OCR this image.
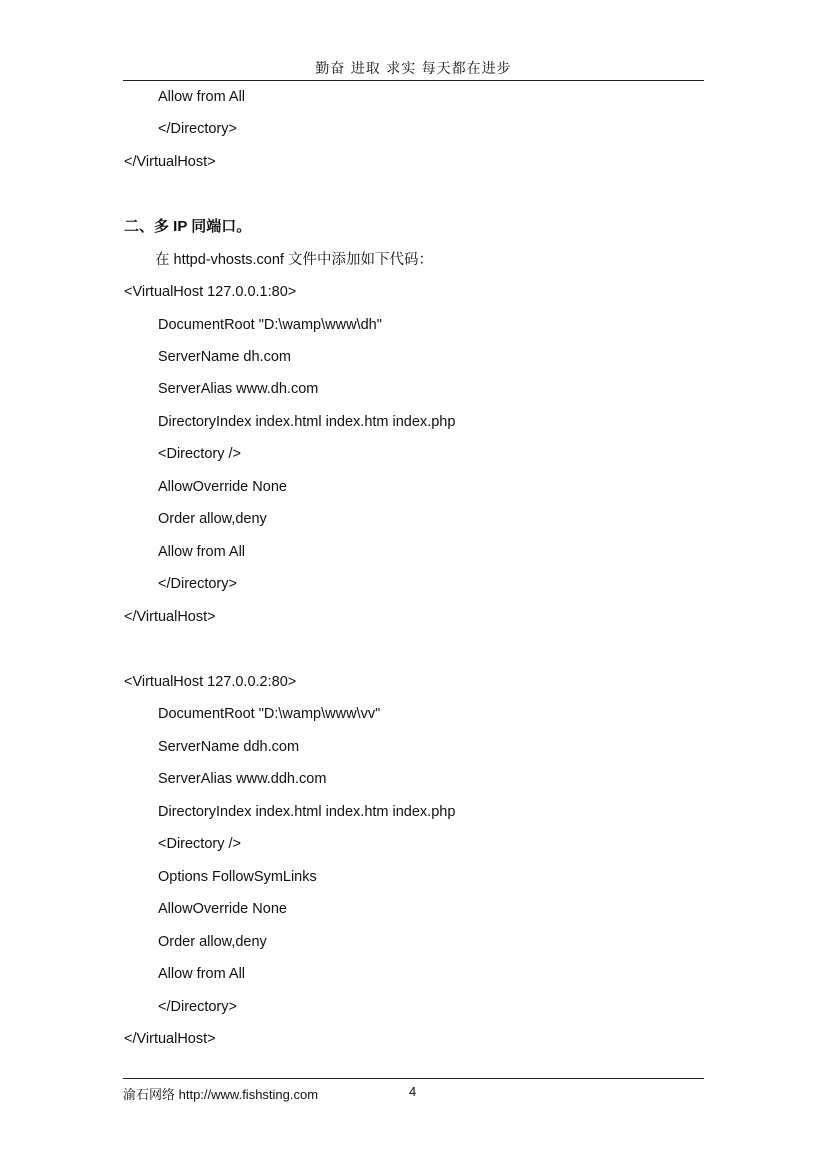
勤奋 进取 求实 每天都在进步
Allow from All
</Directory>
</VirtualHost>
二、多 IP 同端口。
在 httpd-vhosts.conf 文件中添加如下代码：
<VirtualHost 127.0.0.1:80>
DocumentRoot "D:\wamp\www\dh"
ServerName dh.com
ServerAlias www.dh.com
DirectoryIndex index.html index.htm index.php
<Directory />
AllowOverride None
Order allow,deny
Allow from All
</Directory>
</VirtualHost>
<VirtualHost 127.0.0.2:80>
DocumentRoot "D:\wamp\www\vv"
ServerName ddh.com
ServerAlias www.ddh.com
DirectoryIndex index.html index.htm index.php
<Directory />
Options FollowSymLinks
AllowOverride None
Order allow,deny
Allow from All
</Directory>
</VirtualHost>
渝石网络 http://www.fishsting.com	4
